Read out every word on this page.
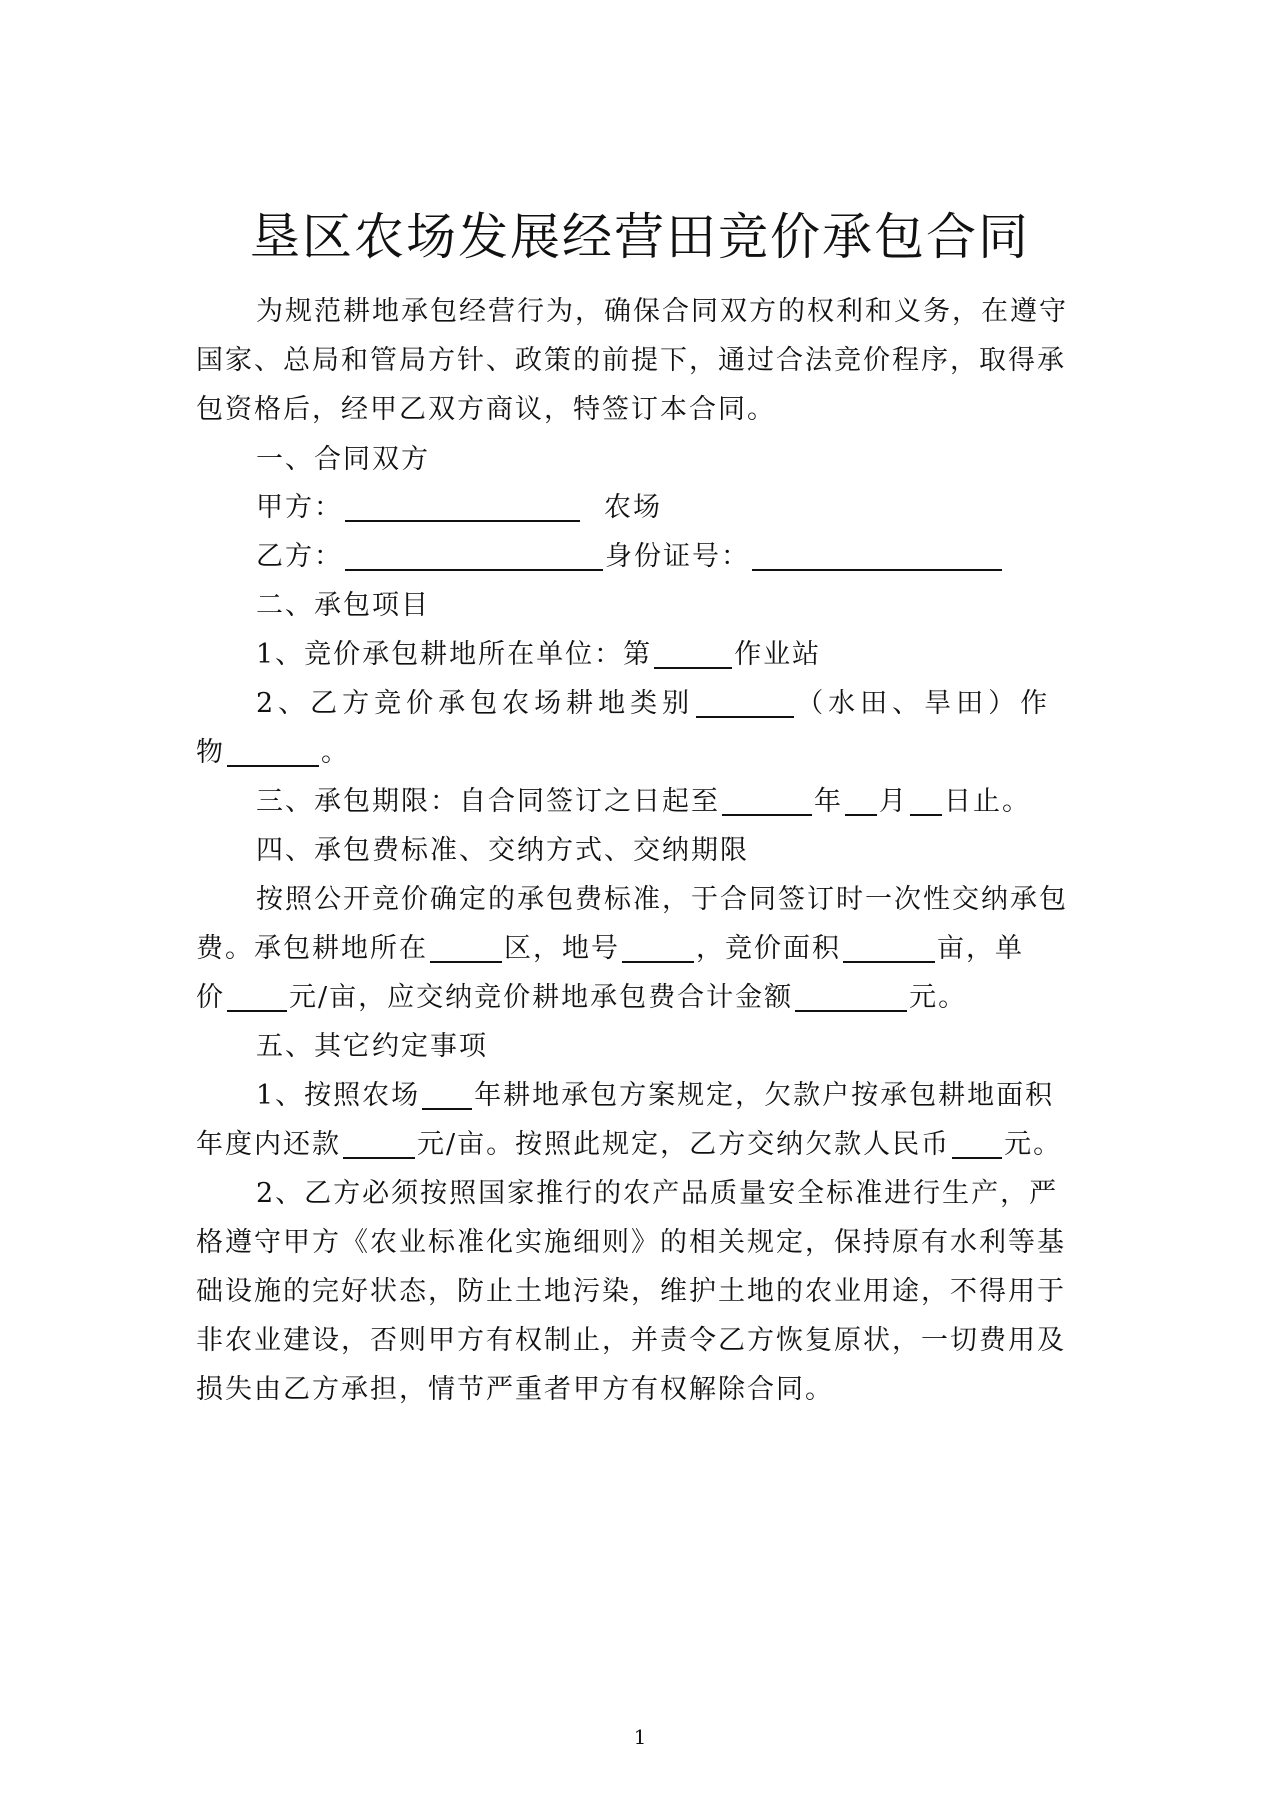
垦区农场发展经营田竞价承包合同
为规范耕地承包经营行为，确保合同双方的权利和义务，在遵守
国家、总局和管局方针、政策的前提下，通过合法竞价程序，取得承
包资格后，经甲乙双方商议，特签订本合同。
一、合同双方
甲方：	农场
乙方：	身份证号：
二、承包项目
1、竞价承包耕地所在单位：第	作业站
2、乙方竞价承包农场耕地类别	（水田、旱田）作
物	。
三、承包期限：自合同签订之日起至	年 月 日止。
四、承包费标准、交纳方式、交纳期限
按照公开竞价确定的承包费标准，于合同签订时一次性交纳承包
费。承包耕地所在	区，地号	，竞价面积	亩，单
价 元/亩，应交纳竞价耕地承包费合计金额	元。
五、其它约定事项
1、按照农场 年耕地承包方案规定，欠款户按承包耕地面积
年度内还款	元/亩。按照此规定，乙方交纳欠款人民币 元。
2、乙方必须按照国家推行的农产品质量安全标准进行生产，严
格遵守甲方《农业标准化实施细则》的相关规定，保持原有水利等基
础设施的完好状态，防止土地污染，维护土地的农业用途，不得用于
非农业建设，否则甲方有权制止，并责令乙方恢复原状，一切费用及
损失由乙方承担，情节严重者甲方有权解除合同。
1
